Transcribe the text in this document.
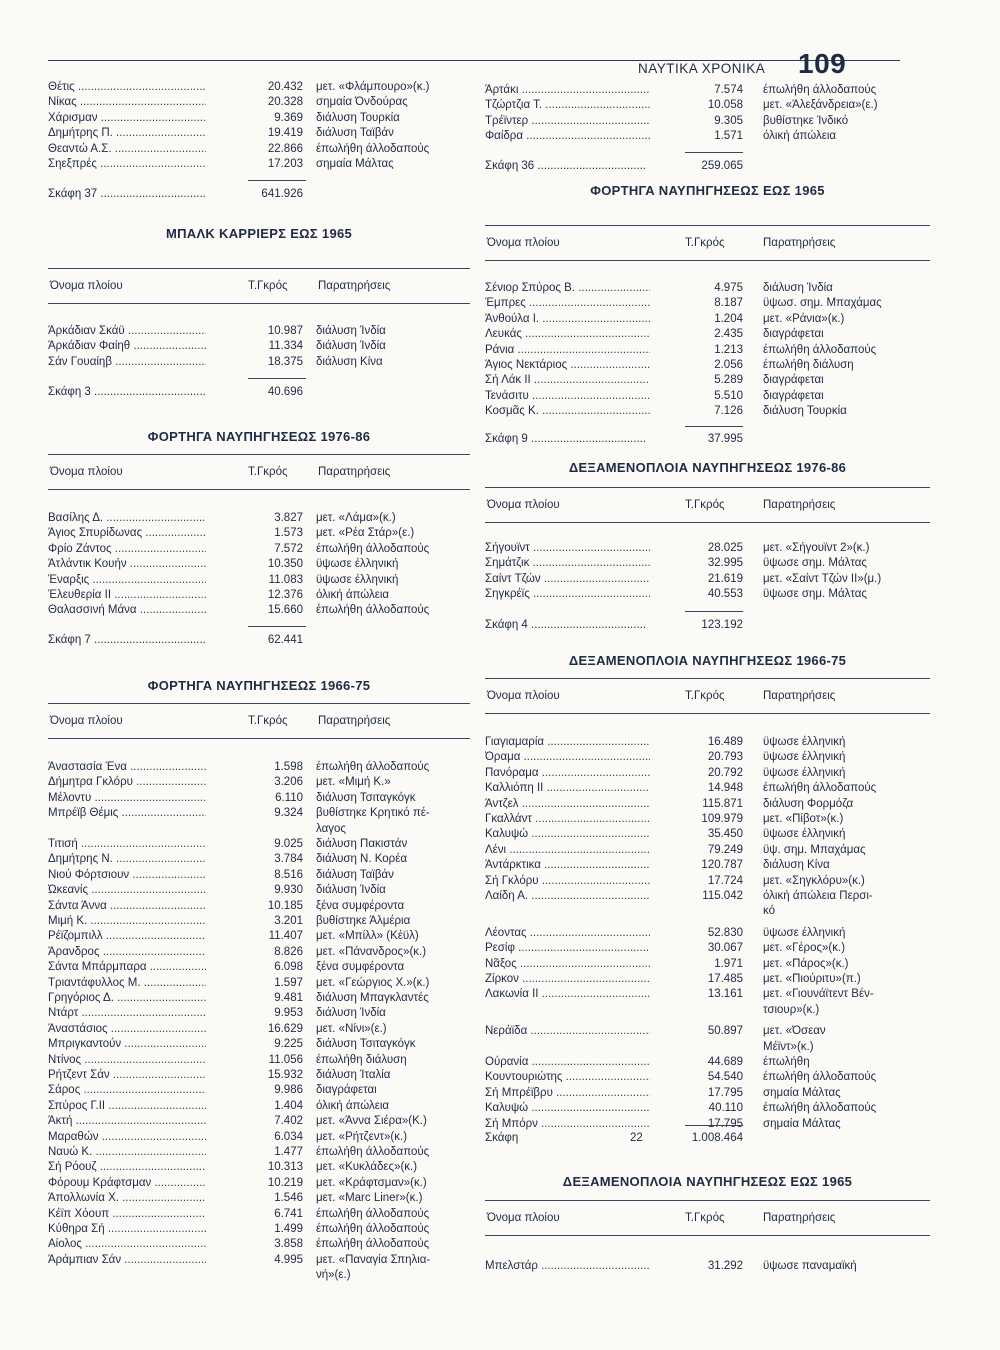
ΝΑΥΤΙΚΑ ΧΡΟΝΙΚΑ 109
Θέτις .....	20.432 μετ. «Φλάμπουρο»(κ.)
Νίκας .....	20.328 σημαία Όνδούρας
Χάρισμαν .....	9.369 διάλυση Τουρκία
Δημήτρης Π. .....	19.419 διάλυση Ταϊβάν
Θεαντώ Α.Σ. .....	22.866 έπωλήθη άλλοδαπούς
Σηεξπρές .....	17.203 σημαία Μάλτας
Σκάφη 37 .....	641.926
ΜΠΑΛΚ ΚΑΡΡΙΕΡΣ ΕΩΣ 1965
Όνομα πλοίου	Τ.Γκρός	Παρατηρήσεις
Άρκάδιαν Σκάϋ .....	10.987 διάλυση Ίνδία
Άρκάδιαν Φαίηθ .....	11.334 διάλυση Ίνδία
Σάν Γουαίηβ .....	18.375 διάλυση Κίνα
Σκάφη 3 .....	40.696
ΦΟΡΤΗΓΑ ΝΑΥΠΗΓΗΣΕΩΣ 1976-86
Όνομα πλοίου	Τ.Γκρός	Παρατηρήσεις
Βασίλης Δ. .....	3.827 μετ. «Λάμα»(κ.)
Άγιος Σπυρίδωνας .....	1.573 μετ. «Ρέα Στάρ»(ε.)
Φρίο Ζάντος .....	7.572 έπωλήθη άλλοδαπούς
Άτλάντικ Κουήν .....	10.350 ϋψωσε έλληνική
Έναρξις .....	11.083 ϋψωσε έλληνική
Έλευθερία ΙΙ .....	12.376 όλική άπώλεια
Θαλασσινή Μάνα .....	15.660 έπωλήθη άλλοδαπούς
Σκάφη 7 .....	62.441
ΦΟΡΤΗΓΑ ΝΑΥΠΗΓΗΣΕΩΣ 1966-75
Όνομα πλοίου	Τ.Γκρός	Παρατηρήσεις
Άναστασία Ένα .....	1.598 έπωλήθη άλλοδαπούς
Δήμητρα Γκλόρυ .....	3.206 μετ. «Μιμή Κ.»
Μέλοντυ .....	6.110 διάλυση Τσιταγκόγκ
Μπρέϊβ Θέμις .....	9.324 βυθίστηκε Κρητικό πέ-
λαγος
Τιτισή .....	9.025 διάλυση Πακιστάν
Δημήτρης Ν. .....	3.784 διάλυση Ν. Κορέα
Νιού Φόρτσιουν .....	8.516 διάλυση Ταϊβάν
Ώκεανίς .....	9.930 διάλυση Ίνδία
Σάντα Άννα .....	10.185 ξένα συμφέροντα
Μιμή Κ. .....	3.201 βυθίστηκε Άλμέρια
Ρέϊζομπιλλ .....	11.407 μετ. «Μπίλλ» (Κέϋλ)
Άρανδρος .....	8.826 μετ. «Πάνανδρος»(κ.)
Σάντα Μπάρμπαρα .....	6.098 ξένα συμφέροντα
Τριαντάφυλλος Μ. .....	1.597 μετ. «Γεώργιος Χ.»(κ.)
Γρηγόριος Δ. .....	9.481 διάλυση Μπαγκλαντές
Ντάρτ .....	9.953 διάλυση Ίνδία
Άναστάσιος .....	16.629 μετ. «Νίνι»(ε.)
Μπριγκαντούν .....	9.225 διάλυση Τσιταγκόγκ
Ντίνος .....	11.056 έπωλήθη διάλυση
Ρήτζεντ Σάν .....	15.932 διάλυση Ίταλία
Σάρος .....	9.986 διαγράφεται
Σπύρος Γ.ΙΙ .....	1.404 όλική άπώλεια
Άκτή .....	7.402 μετ. «Άννα Σιέρα»(Κ.)
Μαραθών .....	6.034 μετ. «Ρήτζεντ»(κ.)
Ναυώ Κ. .....	1.477 έπωλήθη άλλοδαπούς
Σή Ρόουζ .....	10.313 μετ. «Κυκλάδες»(κ.)
Φόρουμ Κράφτσμαν .....	10.219 μετ. «Κράφτσμαν»(κ.)
Άπολλωνία Χ. .....	1.546 μετ. «Marc Liner»(κ.)
Κέϊπ Χόουπ .....	6.741 έπωλήθη άλλοδαπούς
Κύθηρα Σή .....	1.499 έπωλήθη άλλοδαπούς
Αίολος .....	3.858 έπωλήθη άλλοδαπούς
Άράμπιαν Σάν .....	4.995 μετ. «Παναγία Σπηλια-
νή»(ε.)
Άρτάκι .....	7.574 έπωλήθη άλλοδαπούς
Τζώρτζια Τ. .....	10.058 μετ. «Άλεξάνδρεια»(ε.)
Τρέϊντερ .....	9.305 βυθίστηκε Ίνδικό
Φαίδρα .....	1.571 όλική άπώλεια
Σκάφη 36 .....	259.065
ΦΟΡΤΗΓΑ ΝΑΥΠΗΓΗΣΕΩΣ ΕΩΣ 1965
Όνομα πλοίου	Τ.Γκρός	Παρατηρήσεις
Σένιορ Σπύρος Β. .....	4.975 διάλυση Ίνδία
Έμπρες .....	8.187 ϋψωσ. σημ. Μπαχάμας
Άνθούλα Ι. .....	1.204 μετ. «Ράνια»(κ.)
Λευκάς .....	2.435 διαγράφεται
Ράνια .....	1.213 έπωλήθη άλλοδαπούς
Άγιος Νεκτάριος .....	2.056 έπωλήθη διάλυση
Σή Λάκ ΙΙ .....	5.289 διαγράφεται
Τενάσιτυ .....	5.510 διαγράφεται
Κοσμᾶς Κ. .....	7.126 διάλυση Τουρκία
Σκάφη 9 .....	37.995
ΔΕΞΑΜΕΝΟΠΛΟΙΑ ΝΑΥΠΗΓΗΣΕΩΣ 1976-86
Όνομα πλοίου	Τ.Γκρός	Παρατηρήσεις
Σήγουϊντ .....	28.025 μετ. «Σήγουϊντ 2»(κ.)
Σημάτζικ .....	32.995 ϋψωσε σημ. Μάλτας
Σαίντ Τζών .....	21.619 μετ. «Σαίντ Τζών ΙΙ»(μ.)
Σηγκρέϊς .....	40.553 ϋψωσε σημ. Μάλτας
Σκάφη 4 .....	123.192
ΔΕΞΑΜΕΝΟΠΛΟΙΑ ΝΑΥΠΗΓΗΣΕΩΣ 1966-75
Όνομα πλοίου	Τ.Γκρός	Παρατηρήσεις
Γιαγιαμαρία .....	16.489 ϋψωσε έλληνική
Όραμα .....	20.793 ϋψωσε έλληνική
Πανόραμα .....	20.792 ϋψωσε έλληνική
Καλλιόπη ΙΙ .....	14.948 έπωλήθη άλλοδαπούς
Άντζελ .....	115.871 διάλυση Φορμόζα
Γκαλλάντ .....	109.979 μετ. «Πίβοτ»(κ.)
Καλυψώ .....	35.450 ϋψωσε έλληνική
Λένι .....	79.249 ϋψ. σημ. Μπαχάμας
Άντάρκτικα .....	120.787 διάλυση Κίνα
Σή Γκλόρυ .....	17.724 μετ. «Σηγκλόρυ»(κ.)
Λαίδη Α. .....	115.042 όλική άπώλεια Περσι-
κό
Λέοντας .....	52.830 ϋψωσε έλληνική
Ρεσίφ .....	30.067 μετ. «Γέρος»(κ.)
Νᾶξος .....	1.971 μετ. «Πάρος»(κ.)
Ζίρκον .....	17.485 μετ. «Πιούριτυ»(π.)
Λακωνία ΙΙ .....	13.161 μετ. «Γιουνάϊτεντ Βέν-
τσιουρ»(κ.)
Νεράϊδα .....	50.897 μετ. «Όσεαν
Μέϊντ»(κ.)
Ούρανία .....	44.689 έπωλήθη
Κουντουριώτης .....	54.540 έπωλήθη άλλοδαπούς
Σή Μπρέϊβρυ .....	17.795 σημαία Μάλτας
Καλυψώ .....	40.110 έπωλήθη άλλοδαπούς
Σή Μπόρν .....	17.795 σημαία Μάλτας
Σκάφη	22	1.008.464
ΔΕΞΑΜΕΝΟΠΛΟΙΑ ΝΑΥΠΗΓΗΣΕΩΣ ΕΩΣ 1965
Όνομα πλοίου	Τ.Γκρός	Παρατηρήσεις
Μπελστάρ .....	31.292 ϋψωσε παναμαϊκή
